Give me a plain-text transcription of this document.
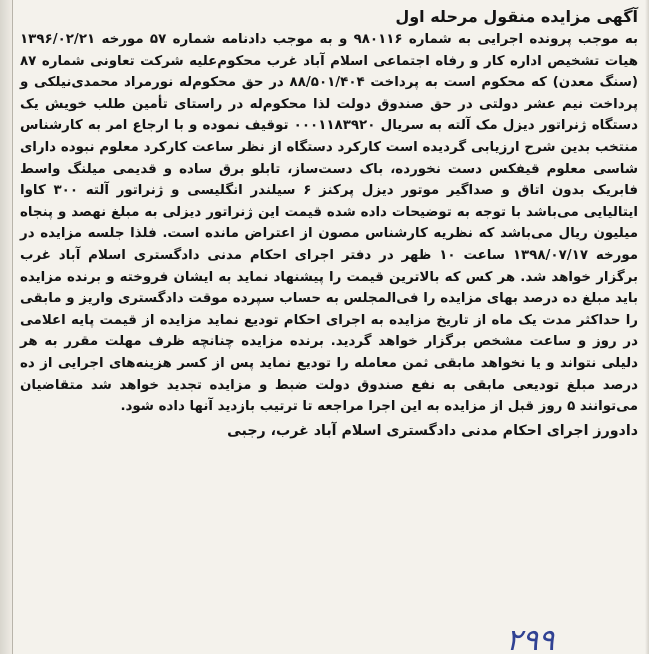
آگهی مزایده منقول مرحله اول

به موجب پرونده اجرایی به شماره ۹۸۰۱۱۶ و به موجب دادنامه شماره ۵۷ مورخه ۱۳۹۶/۰۲/۲۱ هیات تشخیص اداره کار و رفاه اجتماعی اسلام آباد غرب محکوم‌علیه شرکت تعاونی شماره ۸۷ (سنگ معدن) که محکوم است به پرداخت ۸۸/۵۰۱/۴۰۴ در حق محکوم‌له نورمراد محمدی‌نیلکی و پرداخت نیم عشر دولتی در حق صندوق دولت لذا محکوم‌له در راستای تأمین طلب خویش یک دستگاه ژنراتور دیزل مک آلته به سریال ۰۰۰۱۱۸۳۹۲۰ توقیف نموده و با ارجاع امر به کارشناس منتخب بدین شرح ارزیابی گردیده است کارکرد دستگاه از نظر ساعت کارکرد معلوم نبوده دارای شاسی معلوم قیفکس دست نخورده، باک دست‌ساز، تابلو برق ساده و قدیمی میلنگ واسط فابریک بدون اتاق و صداگیر موتور دیزل پرکنز ۶ سیلندر انگلیسی و ژنراتور آلته ۳۰۰ کاوا ایتالیایی می‌باشد با توجه به توضیحات داده شده قیمت این ژنراتور دیزلی به مبلغ نهصد و پنجاه میلیون ریال می‌باشد که نظریه کارشناس مصون از اعتراض مانده است. فلذا جلسه مزایده در مورخه ۱۳۹۸/۰۷/۱۷ ساعت ۱۰ ظهر در دفتر اجرای احکام مدنی دادگستری اسلام آباد غرب برگزار خواهد شد. هر کس که بالاترین قیمت را پیشنهاد نماید به ایشان فروخته و برنده مزایده باید مبلغ ده درصد بهای مزایده را فی‌المجلس به حساب سپرده موقت دادگستری واریز و مابقی را حداکثر مدت یک ماه از تاریخ مزایده به اجرای احکام تودیع نماید مزایده از قیمت پایه اعلامی در روز و ساعت مشخص برگزار خواهد گردید. برنده مزایده چنانچه ظرف مهلت مقرر به هر دلیلی نتواند و یا نخواهد مابقی ثمن معامله را تودیع نماید پس از کسر هزینه‌های اجرایی از ده درصد مبلغ تودیعی مابقی به نفع صندوق دولت ضبط و مزایده تجدید خواهد شد متقاضیان می‌توانند ۵ روز قبل از مزایده به این اجرا مراجعه تا ترتیب بازدید آنها داده شود.

دادورز اجرای احکام مدنی دادگستری اسلام آباد غرب، رجبی
۲۹۹
